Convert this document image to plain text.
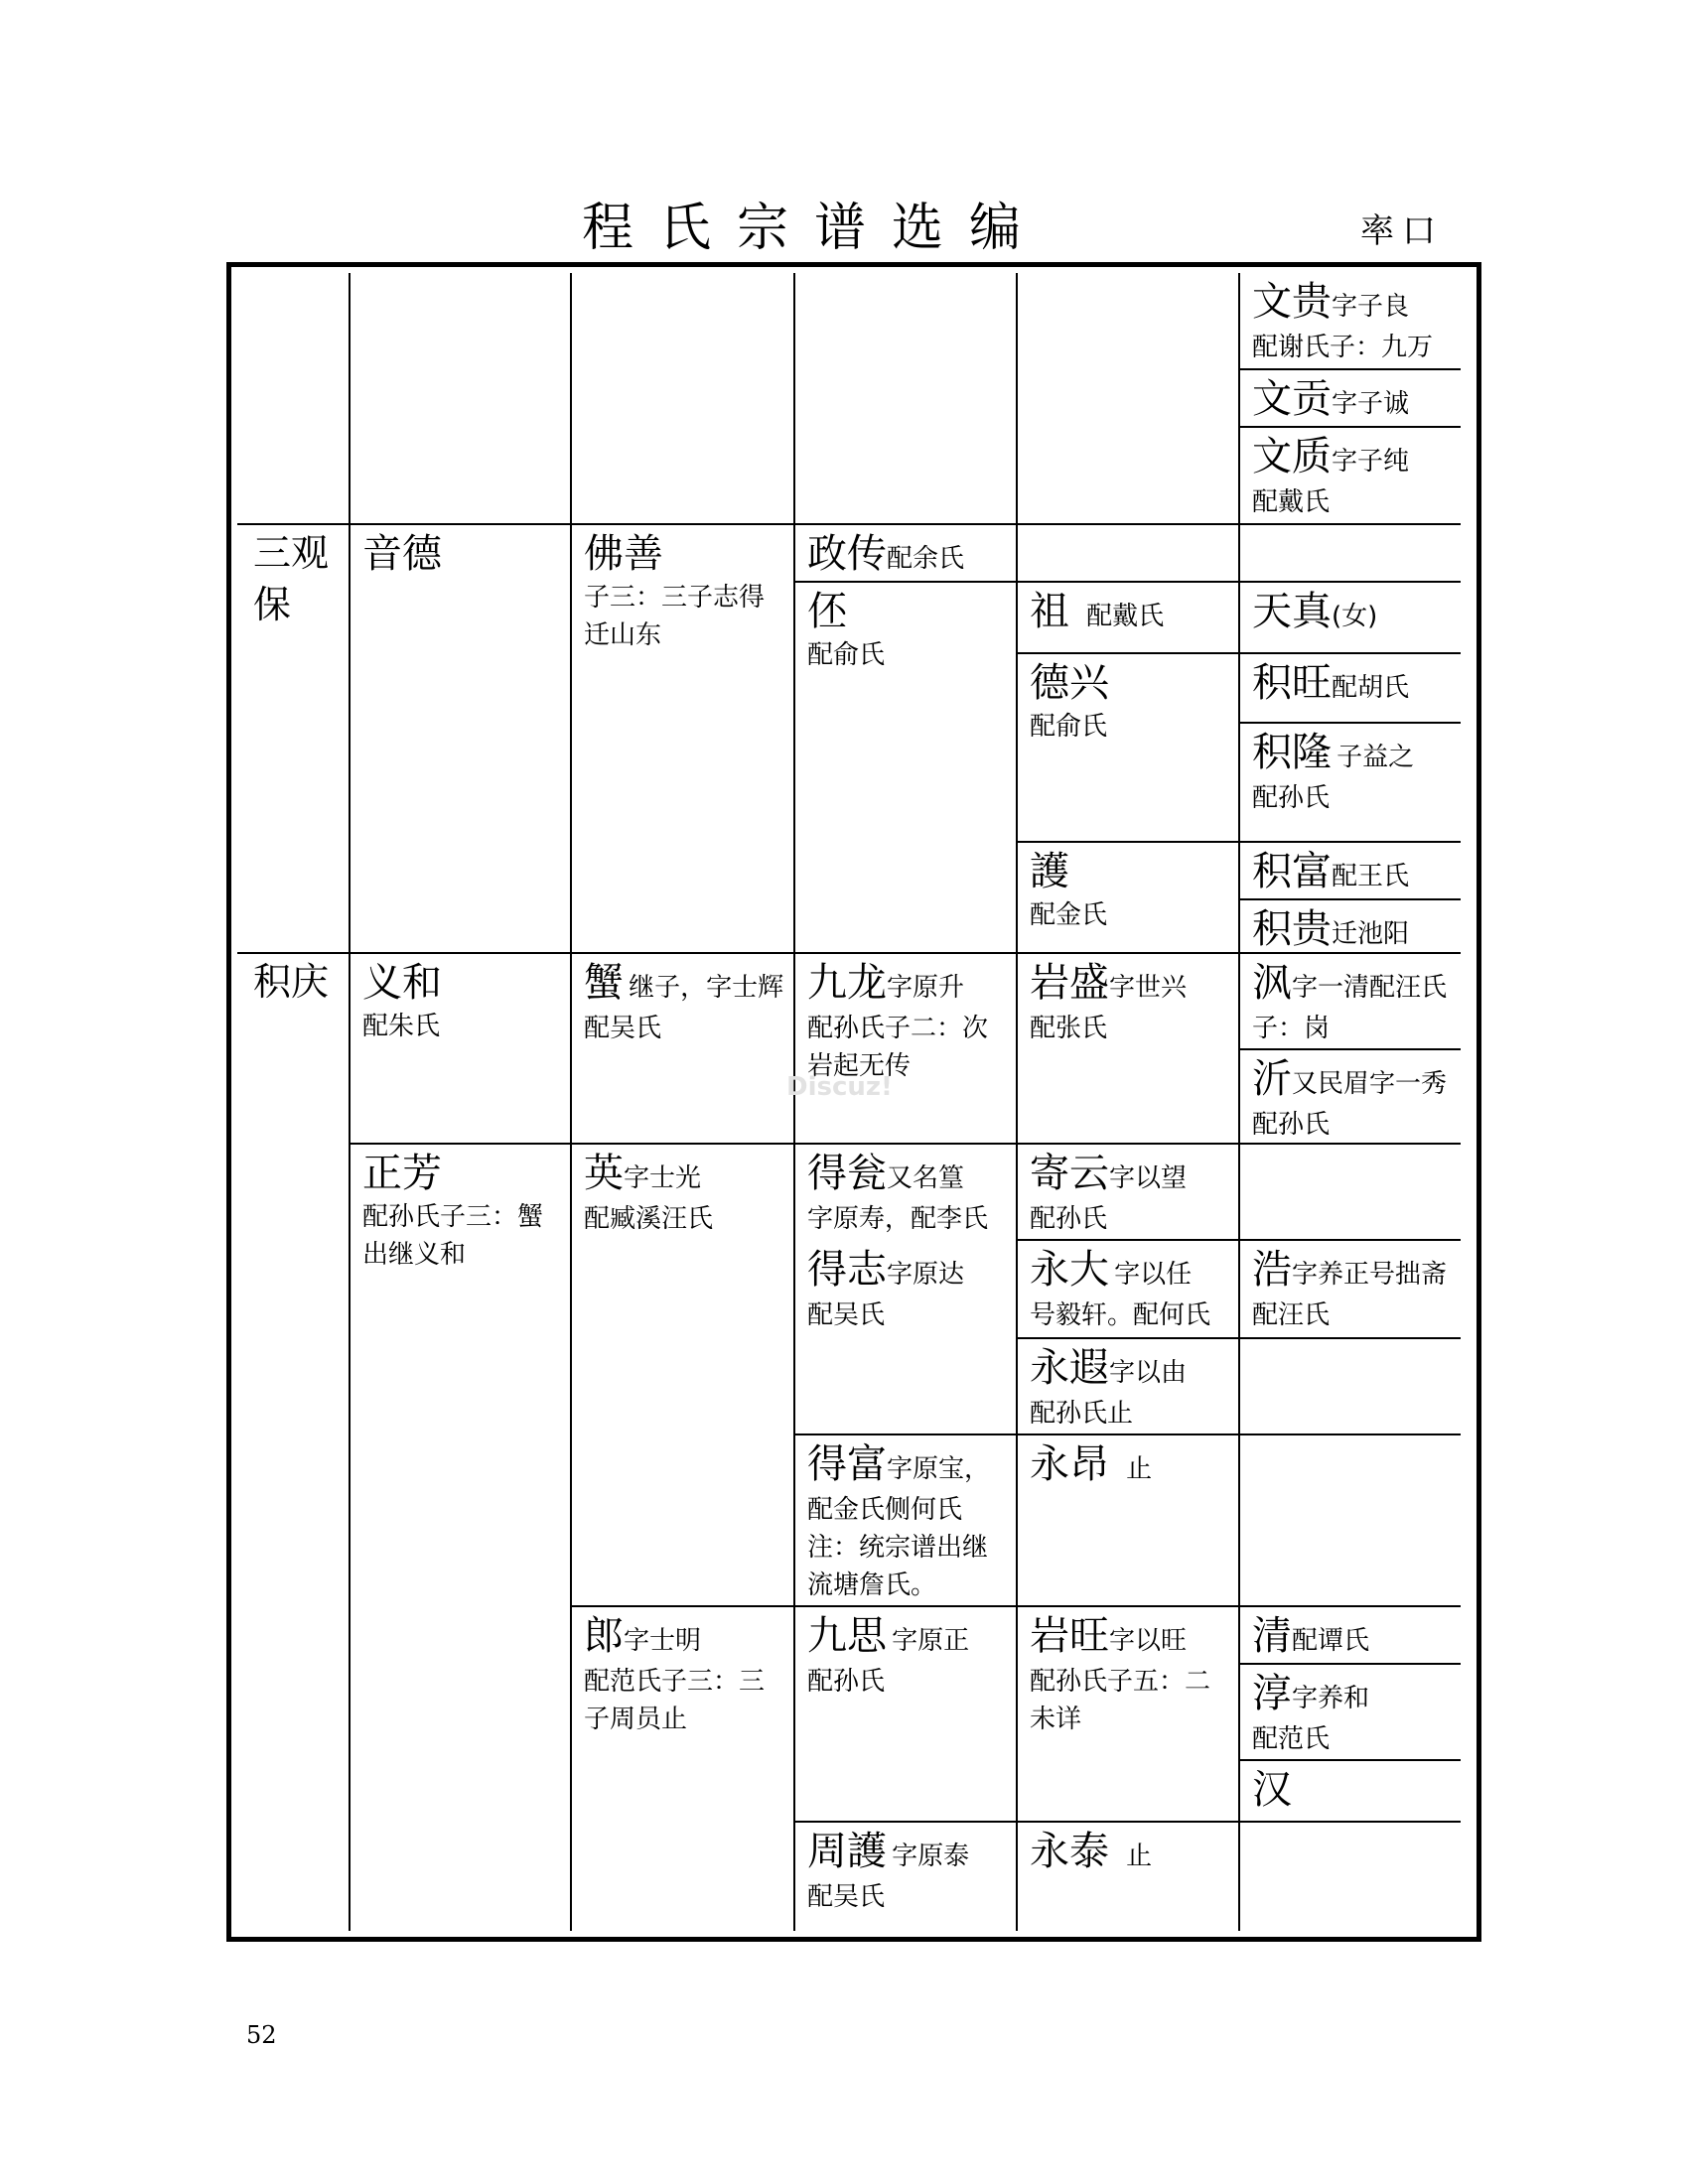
程氏宗谱选编	率口
三观保
积庆
音德
义和
配朱氏
正芳
配孙氏子三：蟹出继义和
佛善
子三：三子志得迁山东
蟹 继子，字士辉
配吴氏
英字士光
配臧溪汪氏
郎字士明
配范氏子三：三子周员止
政传配余氏
伾
配俞氏
九龙字原升
配孙氏子二：次岩起无传
得瓮又名篁
字原寿，配李氏
得志字原达
配吴氏
得富字原宝，
配金氏侧何氏注：统宗谱出继流塘詹氏。
九思 字原正
配孙氏
周護 字原泰
配吴氏
祖 配戴氏
德兴
配俞氏
護
配金氏
岩盛字世兴
配张氏
寄云字以望
配孙氏
永大 字以任
号毅轩。配何氏
永遐字以由
配孙氏止
永昂 止
岩旺字以旺
配孙氏子五：二未详
永泰 止
文贵字子良
配谢氏子：九万
文贡字子诚
文质字子纯
配戴氏
天真(女)
积旺配胡氏
积隆 子益之
配孙氏
积富配王氏
积贵迁池阳
沨字一清配汪氏子：岗
沂又民眉字一秀配孙氏
浩字养正号拙斋配汪氏
清配谭氏
淳字养和
配范氏
汉
Discuz!
52
